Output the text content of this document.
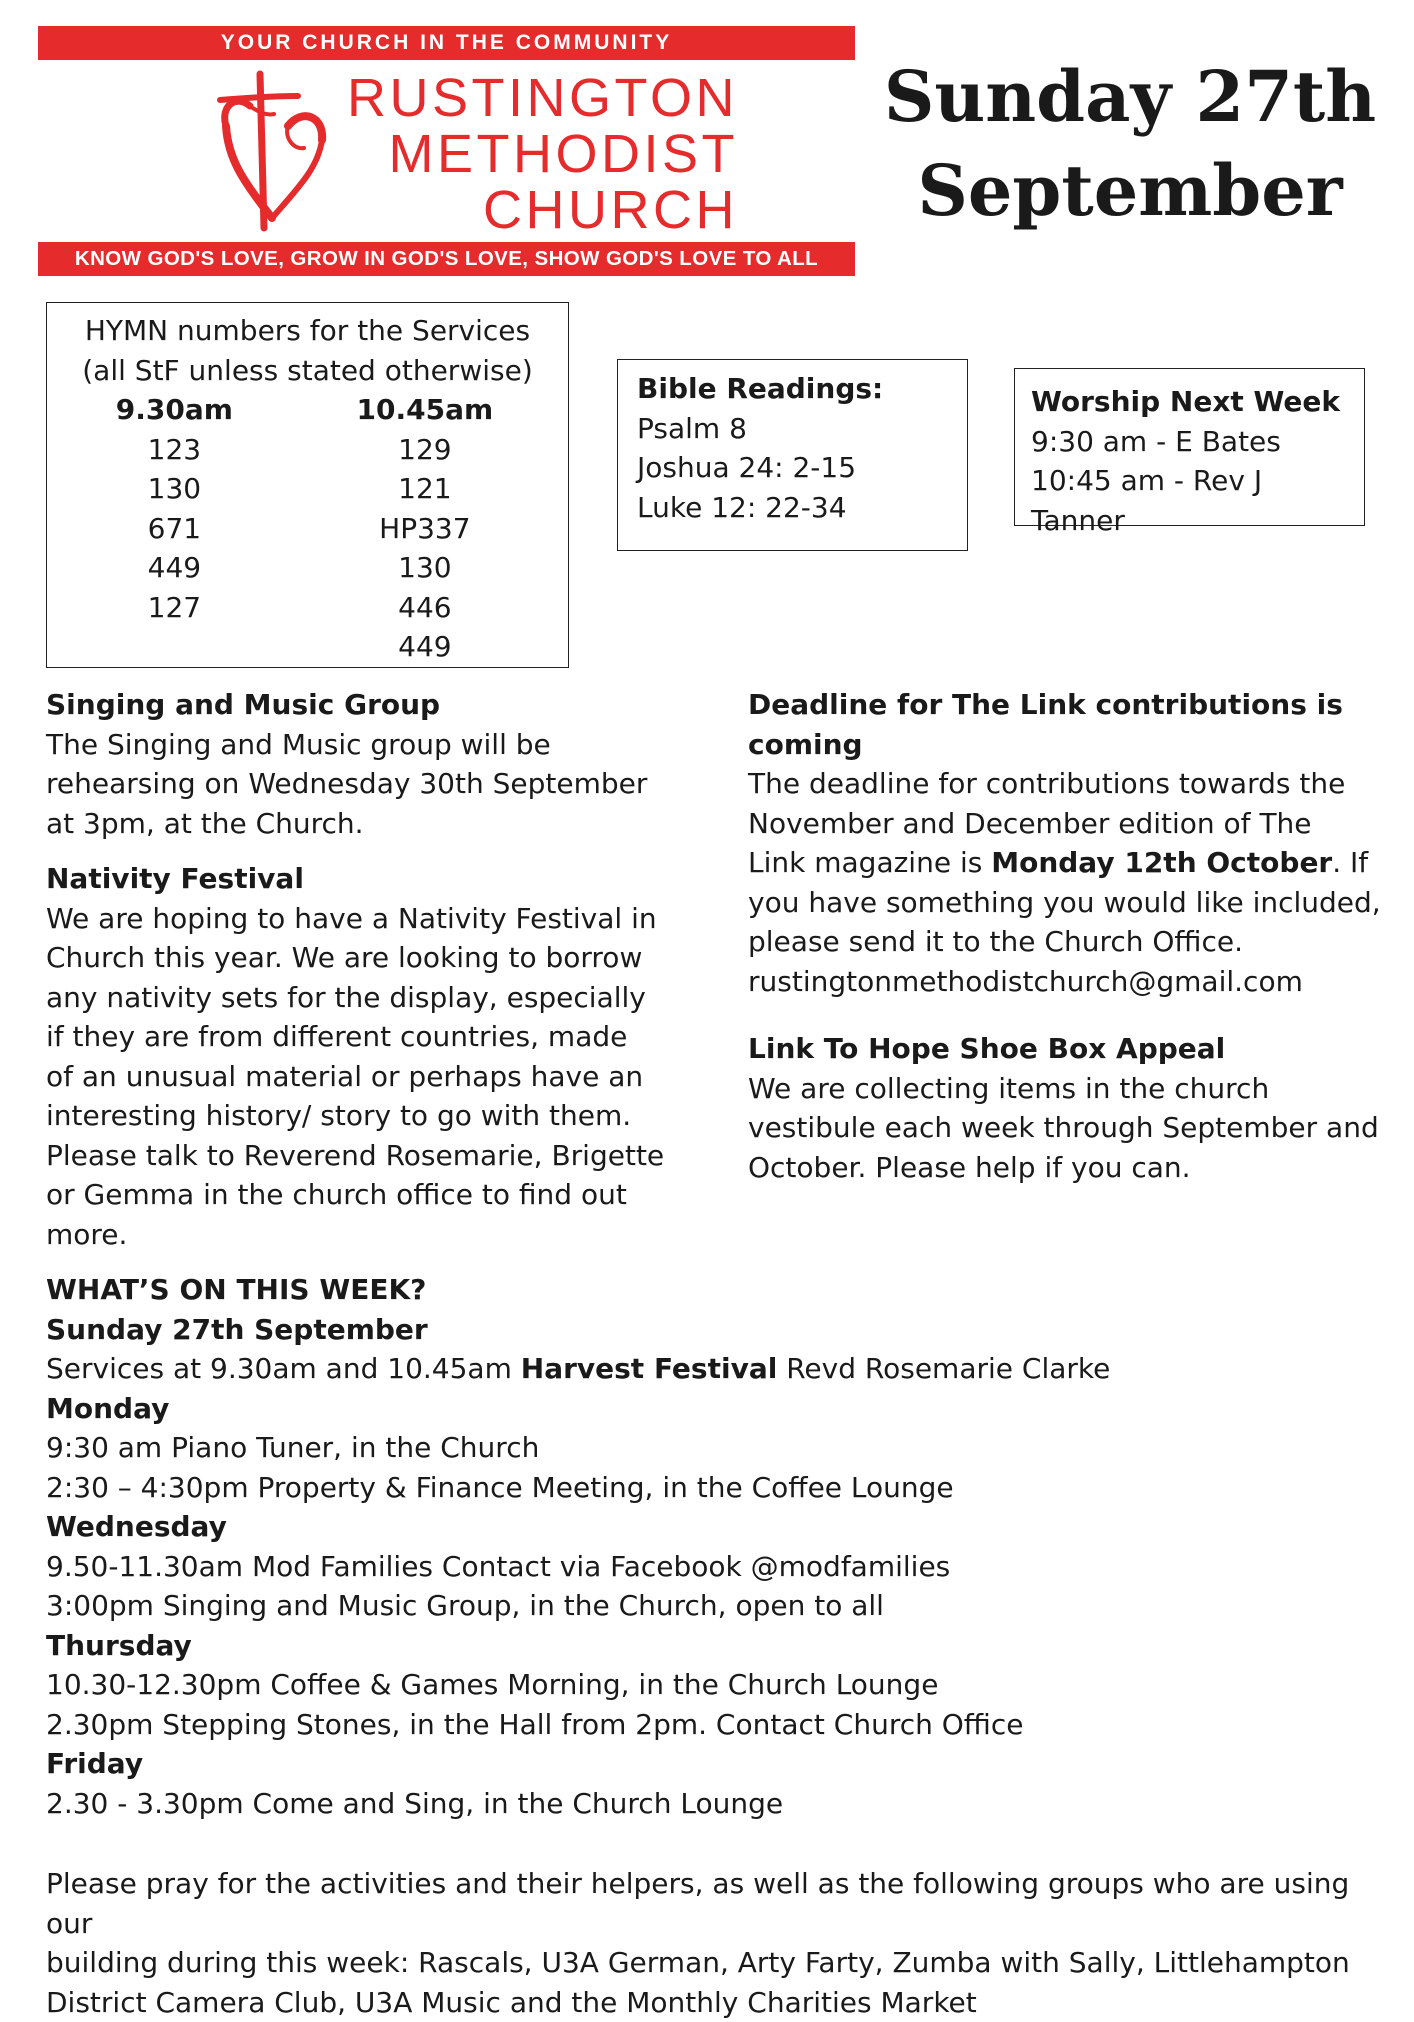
YOUR CHURCH IN THE COMMUNITY
RUSTINGTON
METHODIST
CHURCH
KNOW GOD'S LOVE, GROW IN GOD'S LOVE, SHOW GOD'S LOVE TO ALL
Sunday 27th
September
HYMN numbers for the Services
(all StF unless stated otherwise)
9.30am
123
130
671
449
127
10.45am
129
121
HP337
130
446
449
Bible Readings:
Psalm 8
Joshua 24: 2-15
Luke 12: 22-34
Worship Next Week
9:30 am - E Bates
10:45 am - Rev J Tanner
Singing and Music Group
The Singing and Music group will be
rehearsing on Wednesday 30th September
at 3pm, at the Church.
Nativity Festival
We are hoping to have a Nativity Festival in
Church this year. We are looking to borrow
any nativity sets for the display, especially
if they are from different countries, made
of an unusual material or perhaps have an
interesting history/ story to go with them.
Please talk to Reverend Rosemarie, Brigette
or Gemma in the church office to find out
more.
Deadline for The Link contributions is
coming
The deadline for contributions towards the
November and December edition of The
Link magazine is Monday 12th October. If
you have something you would like included,
please send it to the Church Office.
rustingtonmethodistchurch@gmail.com
Link To Hope Shoe Box Appeal
We are collecting items in the church
vestibule each week through September and
October. Please help if you can.
WHAT’S ON THIS WEEK?
Sunday 27th September
Services at 9.30am and 10.45am Harvest Festival Revd Rosemarie Clarke
Monday
9:30 am Piano Tuner, in the Church
2:30 – 4:30pm Property & Finance Meeting, in the Coffee Lounge
Wednesday
9.50-11.30am Mod Families Contact via Facebook @modfamilies
3:00pm Singing and Music Group, in the Church, open to all
Thursday
10.30-12.30pm Coffee & Games Morning, in the Church Lounge
2.30pm Stepping Stones, in the Hall from 2pm. Contact Church Office
Friday
2.30 - 3.30pm Come and Sing, in the Church Lounge
Please pray for the activities and their helpers, as well as the following groups who are using our
building during this week: Rascals, U3A German, Arty Farty, Zumba with Sally, Littlehampton
District Camera Club, U3A Music and the Monthly Charities Market
